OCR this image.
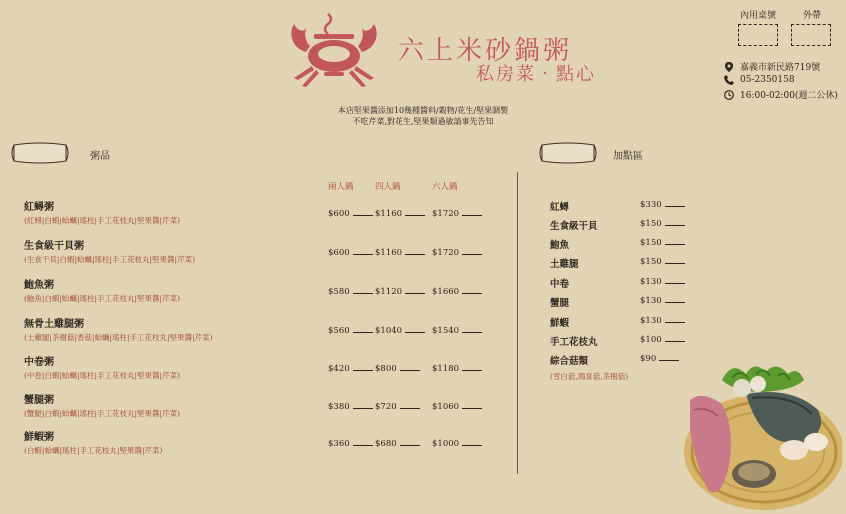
六上米砂鍋粥
私房菜‧點心
內用桌號	外帶
嘉義市新民路719號
05-2350158
16:00-02:00(週二公休)
本店堅果醬添加10幾種醬料/穀物/花生/堅果調製
不吃芹菜,對花生,堅果類過敏請事先告知
粥品	加點區
兩人鍋	四人鍋	六人鍋
紅蟳粥
(紅蟳|白蝦|蛤蠣|瑤柱|手工花枝丸|堅果醬|芹菜)
$600	$1160	$1720
生食級干貝粥
(生食干貝|白蝦|蛤蠣|瑤柱|手工花枝丸|堅果醬|芹菜)
$600	$1160	$1720
鮑魚粥
(鮑魚|白蝦|蛤蠣|瑤柱|手工花枝丸|堅果醬|芹菜)
$580	$1120	$1660
無骨土雞腿粥
(土雞腿|茶樹菇|香菇|蛤蠣|瑤柱|手工花枝丸|堅果醬|芹菜)
$560	$1040	$1540
中卷粥
(中卷|白蝦|蛤蠣|瑤柱|手工花枝丸|堅果醬|芹菜)
$420	$800	$1180
蟹腿粥
(蟹腿|白蝦|蛤蠣|瑤柱|手工花枝丸|堅果醬|芹菜)
$380	$720	$1060
鮮蝦粥
(白蝦|蛤蠣|瑤柱|手工花枝丸|堅果醬|芹菜)
$360	$680	$1000
紅蟳	$330
生食級干貝	$150
鮑魚	$150
土雞腿	$150
中卷	$130
蟹腿	$130
鮮蝦	$130
手工花枝丸	$100
綜合菇類	$90
(雪白菇,鴻喜菇,茶樹菇)
